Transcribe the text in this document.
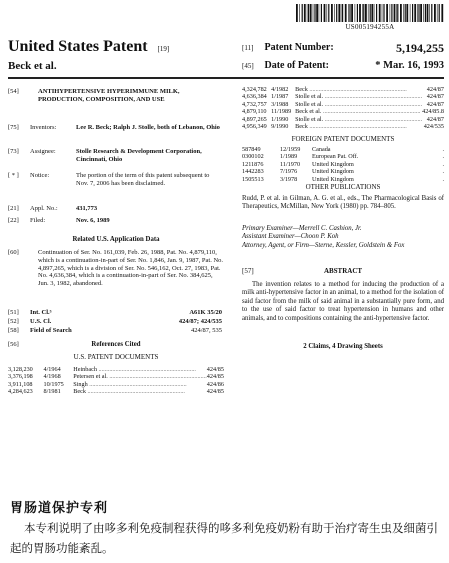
US005194255A
United States Patent [19]
Beck et al.
[11] Patent Number:	5,194,255
[45] Date of Patent:	* Mar. 16, 1993
[54]	ANTIHYPERTENSIVE HYPERIMMUNE MILK, PRODUCTION, COMPOSITION, AND USE
[75]	Inventors:	Lee R. Beck; Ralph J. Stolle, both of Lebanon, Ohio
[73]	Assignee:	Stolle Research & Development Corporation, Cincinnati, Ohio
[ * ]	Notice:	The portion of the term of this patent subsequent to Nov. 7, 2006 has been disclaimed.
[21]	Appl. No.:	431,773
[22]	Filed:	Nov. 6, 1989
Related U.S. Application Data
[60]	Continuation of Ser. No. 161,039, Feb. 26, 1988, Pat. No. 4,879,110, which is a continuation-in-part of Ser. No. 1,846, Jan. 9, 1987, Pat. No. 4,897,265, which is a division of Ser. No. 546,162, Oct. 27, 1983, Pat. No. 4,636,384, which is a continuation-in-part of Ser. No. 384,625, Jun. 3, 1982, abandoned.
[51]	Int. Cl.⁵	A61K 35/20
[52]	U.S. Cl.	424/87; 424/535
[58]	Field of Search	424/87, 535
[56]	References Cited
U.S. PATENT DOCUMENTS
3,128,230	4/1964	Heinbach .....	424/85
3,376,198	4/1968	Petersen et al. .....	424/85
3,911,108	10/1975	Singh .....	424/86
4,284,623	8/1981	Beck .....	424/85
4,324,782	4/1982	Beck .....	424/87
4,636,384	1/1987	Stolle et al. .....	424/87
4,732,757	3/1988	Stolle et al. .....	424/87
4,879,110	11/1989	Beck et al. .....	424/85.8
4,897,265	1/1990	Stolle et al. .....	424/87
4,956,349	9/1990	Beck .....	424/535
FOREIGN PATENT DOCUMENTS
587849	12/1959	Canada	.
0300102	1/1989	European Pat. Off.	.
1211876	11/1970	United Kingdom	.
1442283	7/1976	United Kingdom	.
1505513	3/1978	United Kingdom	.
OTHER PUBLICATIONS
Rudd, P. et al. in Gilman, A. G. et al., eds., The Pharmacological Basis of Therapeutics, McMillan, New York (1980) pp. 784–805.
Primary Examiner—Merrell C. Cashion, Jr.
Assistant Examiner—Choon P. Koh
Attorney, Agent, or Firm—Sterne, Kessler, Goldstein & Fox
[57]	ABSTRACT
The invention relates to a method for inducing the production of a milk anti-hypertensive factor in an animal, to a method for the isolation of said factor from the milk of said animal in a substantially pure form, and to the use of said factor to treat hypertension in humans and other animals, and to compositions containing the anti-hypertensive factor.
2 Claims, 4 Drawing Sheets
胃肠道保护专利
本专利说明了由哆多利免疫制程获得的哆多利免疫奶粉有助于治疗寄生虫及细菌引起的胃肠功能紊乱。
